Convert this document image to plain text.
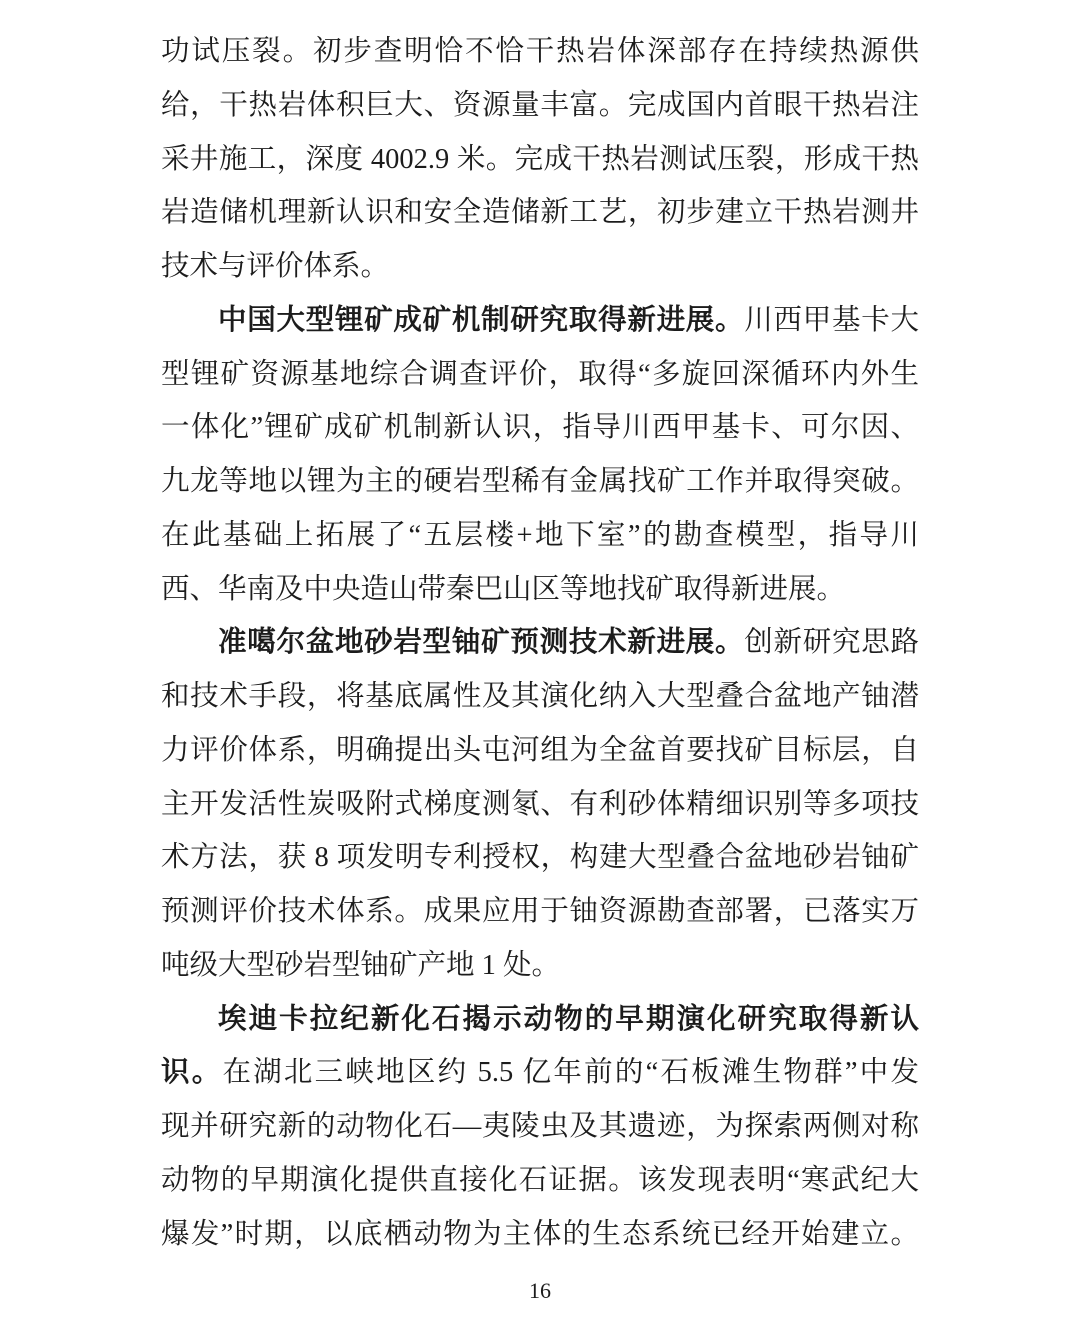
功试压裂。初步查明恰不恰干热岩体深部存在持续热源供
给，干热岩体积巨大、资源量丰富。完成国内首眼干热岩注
采井施工，深度 4002.9 米。完成干热岩测试压裂，形成干热
岩造储机理新认识和安全造储新工艺，初步建立干热岩测井
技术与评价体系。
中国大型锂矿成矿机制研究取得新进展。川西甲基卡大
型锂矿资源基地综合调查评价，取得“多旋回深循环内外生
一体化”锂矿成矿机制新认识，指导川西甲基卡、可尔因、
九龙等地以锂为主的硬岩型稀有金属找矿工作并取得突破。
在此基础上拓展了“五层楼+地下室”的勘查模型，指导川
西、华南及中央造山带秦巴山区等地找矿取得新进展。
准噶尔盆地砂岩型铀矿预测技术新进展。创新研究思路
和技术手段，将基底属性及其演化纳入大型叠合盆地产铀潜
力评价体系，明确提出头屯河组为全盆首要找矿目标层，自
主开发活性炭吸附式梯度测氡、有利砂体精细识别等多项技
术方法，获 8 项发明专利授权，构建大型叠合盆地砂岩铀矿
预测评价技术体系。成果应用于铀资源勘查部署，已落实万
吨级大型砂岩型铀矿产地 1 处。
埃迪卡拉纪新化石揭示动物的早期演化研究取得新认
识。在湖北三峡地区约 5.5 亿年前的“石板滩生物群”中发
现并研究新的动物化石—夷陵虫及其遗迹，为探索两侧对称
动物的早期演化提供直接化石证据。该发现表明“寒武纪大
爆发”时期，以底栖动物为主体的生态系统已经开始建立。
16
